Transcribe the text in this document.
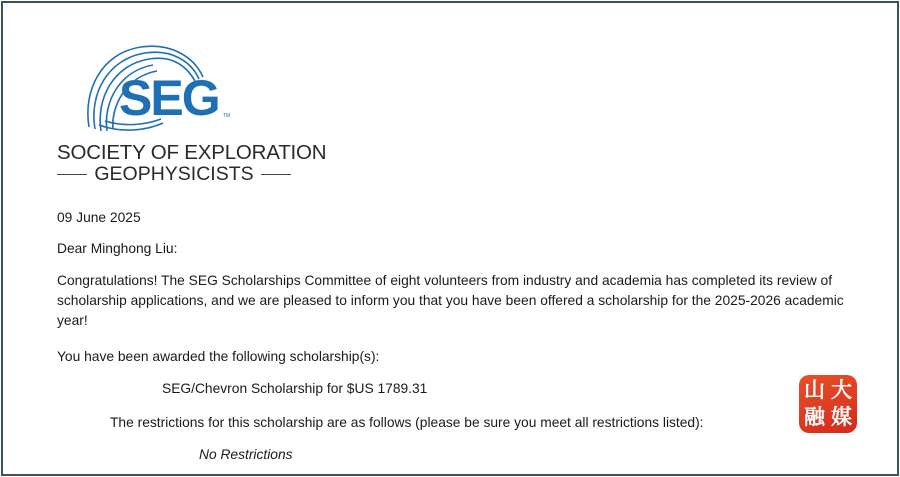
SEG TM
SOCIETY OF EXPLORATION
GEOPHYSICISTS
09 June 2025
Dear Minghong Liu:
Congratulations! The SEG Scholarships Committee of eight volunteers from industry and academia has completed its review of scholarship applications, and we are pleased to inform you that you have been offered a scholarship for the 2025-2026 academic year!
You have been awarded the following scholarship(s):
SEG/Chevron Scholarship for $US 1789.31
The restrictions for this scholarship are as follows (please be sure you meet all restrictions listed):
No Restrictions
山 大
融 媒
